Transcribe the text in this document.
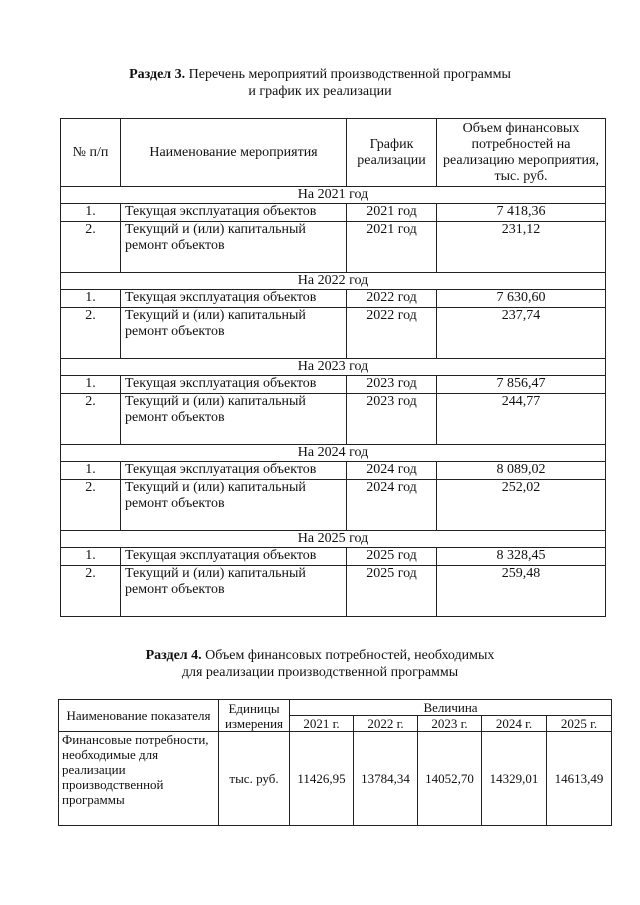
Раздел 3. Перечень мероприятий производственной программы
и график их реализации
№ п/п	Наименование мероприятия	График реализации	Объем финансовых потребностей на реализацию мероприятия, тыс. руб.
На 2021 год			
1.	Текущая эксплуатация объектов	2021 год	7 418,36
2.	Текущий и (или) капитальный ремонт объектов	2021 год	231,12
На 2022 год			
1.	Текущая эксплуатация объектов	2022 год	7 630,60
2.	Текущий и (или) капитальный ремонт объектов	2022 год	237,74
На 2023 год			
1.	Текущая эксплуатация объектов	2023 год	7 856,47
2.	Текущий и (или) капитальный ремонт объектов	2023 год	244,77
На 2024 год			
1.	Текущая эксплуатация объектов	2024 год	8 089,02
2.	Текущий и (или) капитальный ремонт объектов	2024 год	252,02
На 2025 год			
1.	Текущая эксплуатация объектов	2025 год	8 328,45
2.	Текущий и (или) капитальный ремонт объектов	2025 год	259,48
Раздел 4. Объем финансовых потребностей, необходимых
для реализации производственной программы
Наименование показателя	Единицы измерения	Величина				
		2021 г.	2022 г.	2023 г.	2024 г.	2025 г.
Финансовые потребности, необходимые для реализации производственной программы	тыс. руб.	11426,95	13784,34	14052,70	14329,01	14613,49
